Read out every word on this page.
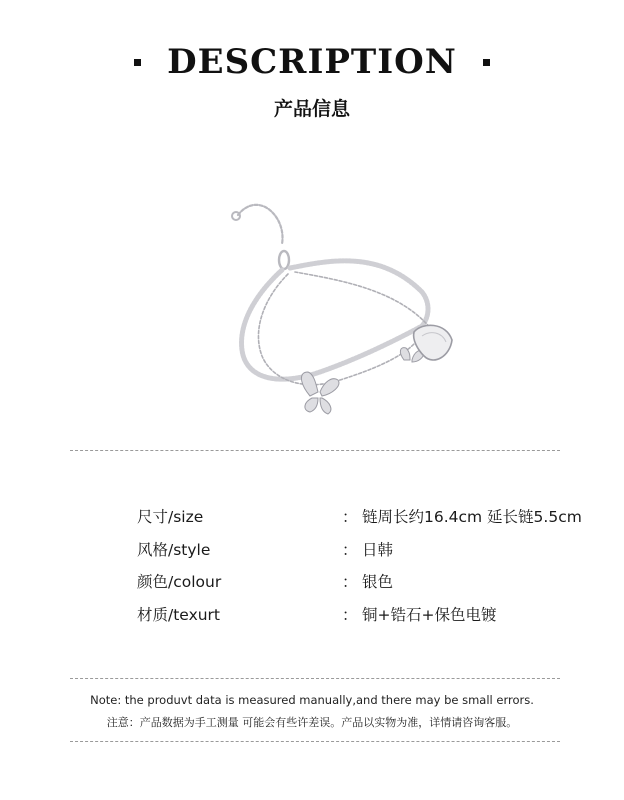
DESCRIPTION
产品信息
尺寸/size	： 链周长约16.4cm 延长链5.5cm
风格/style	： 日韩
颜色/colour	： 银色
材质/texurt	： 铜+锆石+保色电镀
Note: the produvt data is measured manually,and there may be small errors.
注意：产品数据为手工测量 可能会有些许差误。产品以实物为准，详情请咨询客服。
